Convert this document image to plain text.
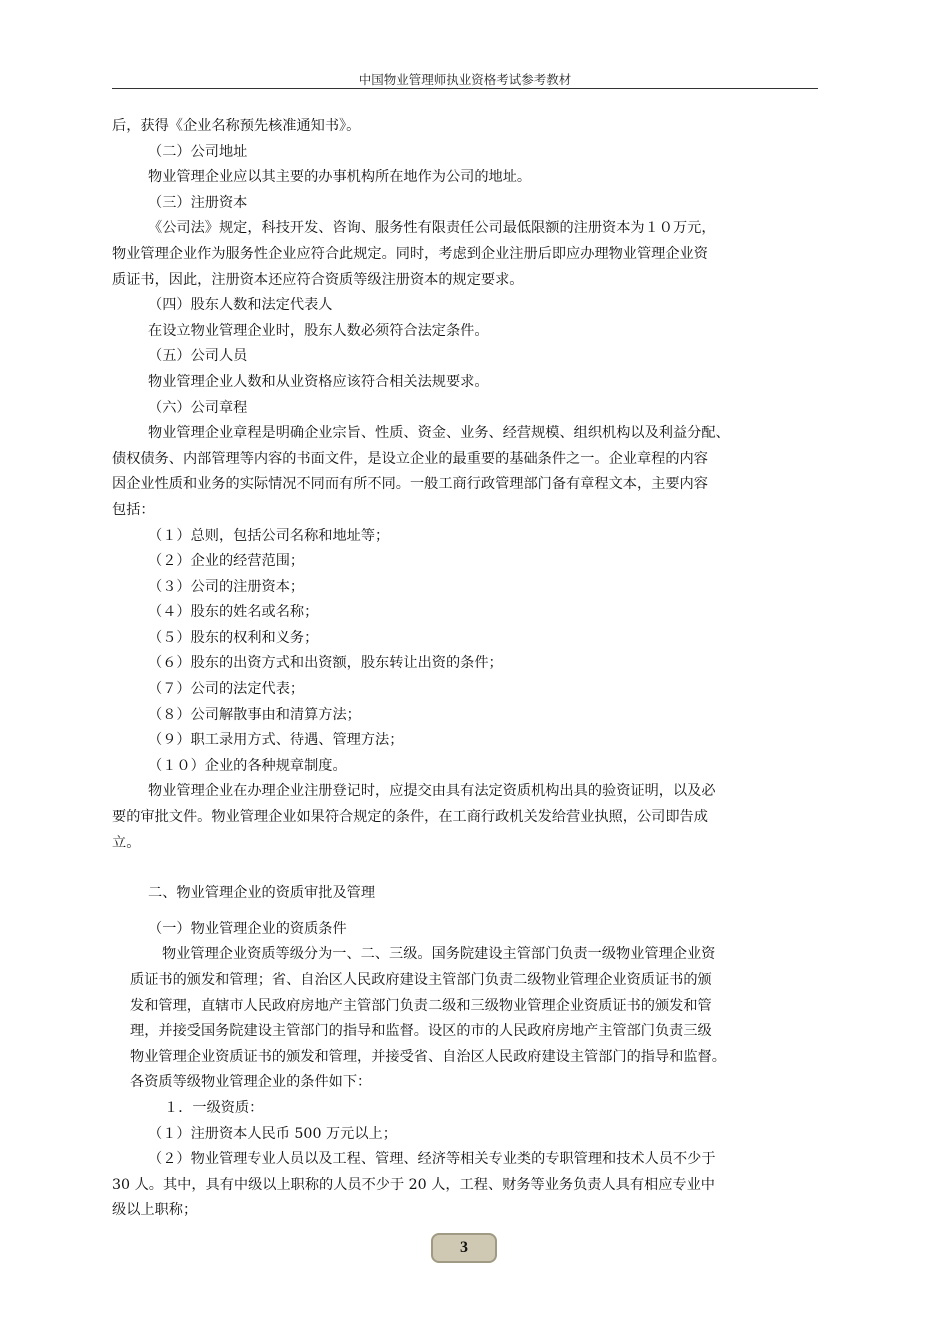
中国物业管理师执业资格考试参考教材

后，获得《企业名称预先核准通知书》。

（二）公司地址

物业管理企业应以其主要的办事机构所在地作为公司的地址。

（三）注册资本

《公司法》规定，科技开发、咨询、服务性有限责任公司最低限额的注册资本为１０万元，

物业管理企业作为服务性企业应符合此规定。同时，考虑到企业注册后即应办理物业管理企业资

质证书，因此，注册资本还应符合资质等级注册资本的规定要求。

（四）股东人数和法定代表人

在设立物业管理企业时，股东人数必须符合法定条件。

（五）公司人员

物业管理企业人数和从业资格应该符合相关法规要求。

（六）公司章程

物业管理企业章程是明确企业宗旨、性质、资金、业务、经营规模、组织机构以及利益分配、

债权债务、内部管理等内容的书面文件，是设立企业的最重要的基础条件之一。企业章程的内容

因企业性质和业务的实际情况不同而有所不同。一般工商行政管理部门备有章程文本，主要内容

包括：

（１）总则，包括公司名称和地址等；

（２）企业的经营范围；

（３）公司的注册资本；

（４）股东的姓名或名称；

（５）股东的权利和义务；

（６）股东的出资方式和出资额，股东转让出资的条件；

（７）公司的法定代表；

（８）公司解散事由和清算方法；

（９）职工录用方式、待遇、管理方法；

（１０）企业的各种规章制度。

物业管理企业在办理企业注册登记时，应提交由具有法定资质机构出具的验资证明，以及必

要的审批文件。物业管理企业如果符合规定的条件，在工商行政机关发给营业执照，公司即告成

立。

二、物业管理企业的资质审批及管理

（一）物业管理企业的资质条件

物业管理企业资质等级分为一、二、三级。国务院建设主管部门负责一级物业管理企业资

质证书的颁发和管理；省、自治区人民政府建设主管部门负责二级物业管理企业资质证书的颁

发和管理，直辖市人民政府房地产主管部门负责二级和三级物业管理企业资质证书的颁发和管

理，并接受国务院建设主管部门的指导和监督。设区的市的人民政府房地产主管部门负责三级

物业管理企业资质证书的颁发和管理，并接受省、自治区人民政府建设主管部门的指导和监督。

各资质等级物业管理企业的条件如下：

１．一级资质：

（１）注册资本人民币 500 万元以上；

（２）物业管理专业人员以及工程、管理、经济等相关专业类的专职管理和技术人员不少于

30 人。其中，具有中级以上职称的人员不少于 20 人，工程、财务等业务负责人具有相应专业中

级以上职称；

3
